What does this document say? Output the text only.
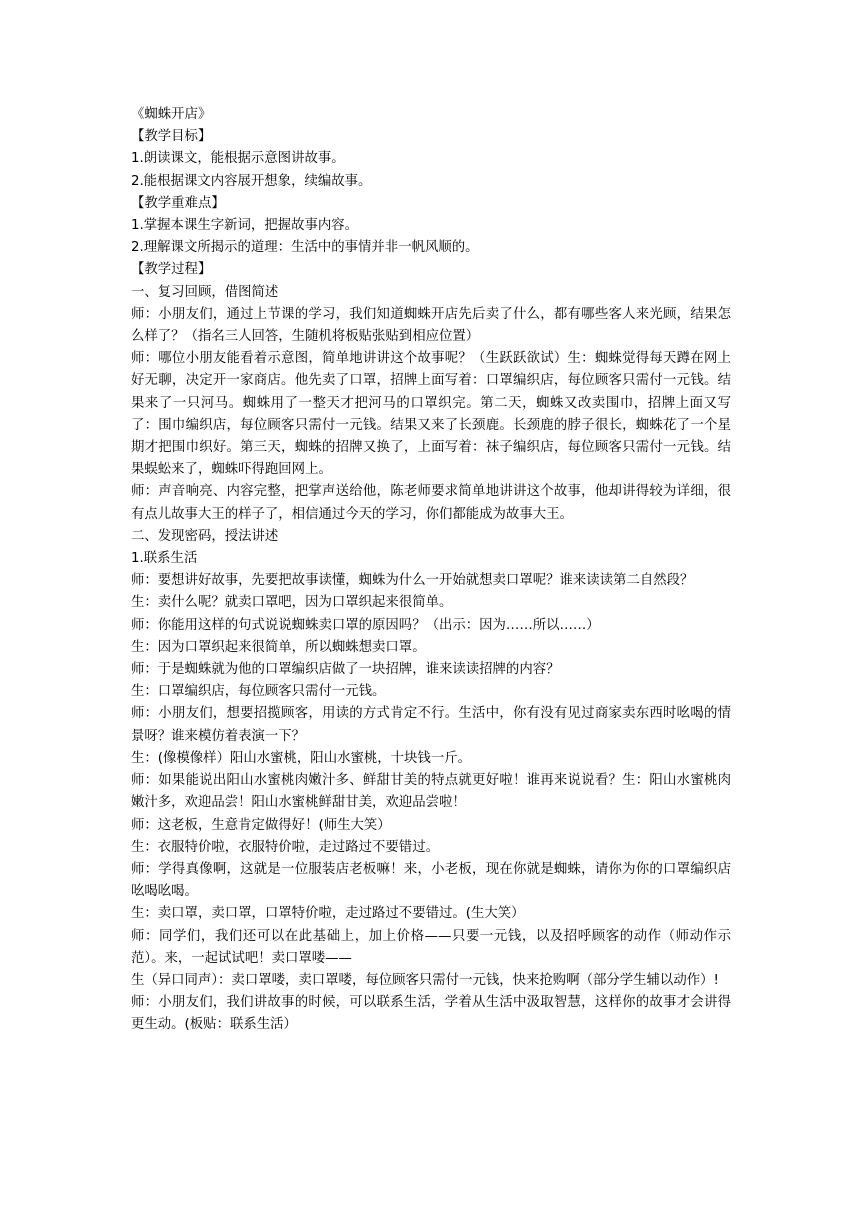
《蜘蛛开店》

【教学目标】

1.朗读课文，能根据示意图讲故事。

2.能根据课文内容展开想象，续编故事。

【教学重难点】

1.掌握本课生字新词，把握故事内容。

2.理解课文所揭示的道理：生活中的事情并非一帆风顺的。

【教学过程】

一、复习回顾，借图简述

师：小朋友们，通过上节课的学习，我们知道蜘蛛开店先后卖了什么，都有哪些客人来光顾，结果怎么样了？（指名三人回答，生随机将板贴张贴到相应位置）

师：哪位小朋友能看着示意图，简单地讲讲这个故事呢？（生跃跃欲试）生：蜘蛛觉得每天蹲在网上好无聊，决定开一家商店。他先卖了口罩，招牌上面写着：口罩编织店，每位顾客只需付一元钱。结果来了一只河马。蜘蛛用了一整天才把河马的口罩织完。第二天，蜘蛛又改卖围巾，招牌上面又写了：围巾编织店，每位顾客只需付一元钱。结果又来了长颈鹿。长颈鹿的脖子很长，蜘蛛花了一个星期才把围巾织好。第三天，蜘蛛的招牌又换了，上面写着：袜子编织店，每位顾客只需付一元钱。结果蜈蚣来了，蜘蛛吓得跑回网上。

师：声音响亮、内容完整，把掌声送给他，陈老师要求简单地讲讲这个故事，他却讲得较为详细，很有点儿故事大王的样子了，相信通过今天的学习，你们都能成为故事大王。

二、发现密码，授法讲述

1.联系生活

师：要想讲好故事，先要把故事读懂，蜘蛛为什么一开始就想卖口罩呢？谁来读读第二自然段？

生：卖什么呢？就卖口罩吧，因为口罩织起来很简单。

师：你能用这样的句式说说蜘蛛卖口罩的原因吗？（出示：因为……所以……）

生：因为口罩织起来很简单，所以蜘蛛想卖口罩。

师：于是蜘蛛就为他的口罩编织店做了一块招牌，谁来读读招牌的内容？

生：口罩编织店，每位顾客只需付一元钱。

师：小朋友们，想要招揽顾客，用读的方式肯定不行。生活中，你有没有见过商家卖东西时吆喝的情景呀？谁来模仿着表演一下？

生：(像模像样）阳山水蜜桃，阳山水蜜桃，十块钱一斤。

师：如果能说出阳山水蜜桃肉嫩汁多、鲜甜甘美的特点就更好啦！谁再来说说看？生：阳山水蜜桃肉嫩汁多，欢迎品尝！阳山水蜜桃鲜甜甘美，欢迎品尝啦！

师：这老板，生意肯定做得好！(师生大笑）

生：衣服特价啦，衣服特价啦，走过路过不要错过。

师：学得真像啊，这就是一位服装店老板嘛！来，小老板，现在你就是蜘蛛，请你为你的口罩编织店吆喝吆喝。

生：卖口罩，卖口罩，口罩特价啦，走过路过不要错过。(生大笑）

师：同学们，我们还可以在此基础上，加上价格——只要一元钱，以及招呼顾客的动作（师动作示范）。来，一起试试吧！卖口罩喽——

生（异口同声）：卖口罩喽，卖口罩喽，每位顾客只需付一元钱，快来抢购啊（部分学生辅以动作）!

师：小朋友们，我们讲故事的时候，可以联系生活，学着从生活中汲取智慧，这样你的故事才会讲得更生动。(板贴：联系生活）
